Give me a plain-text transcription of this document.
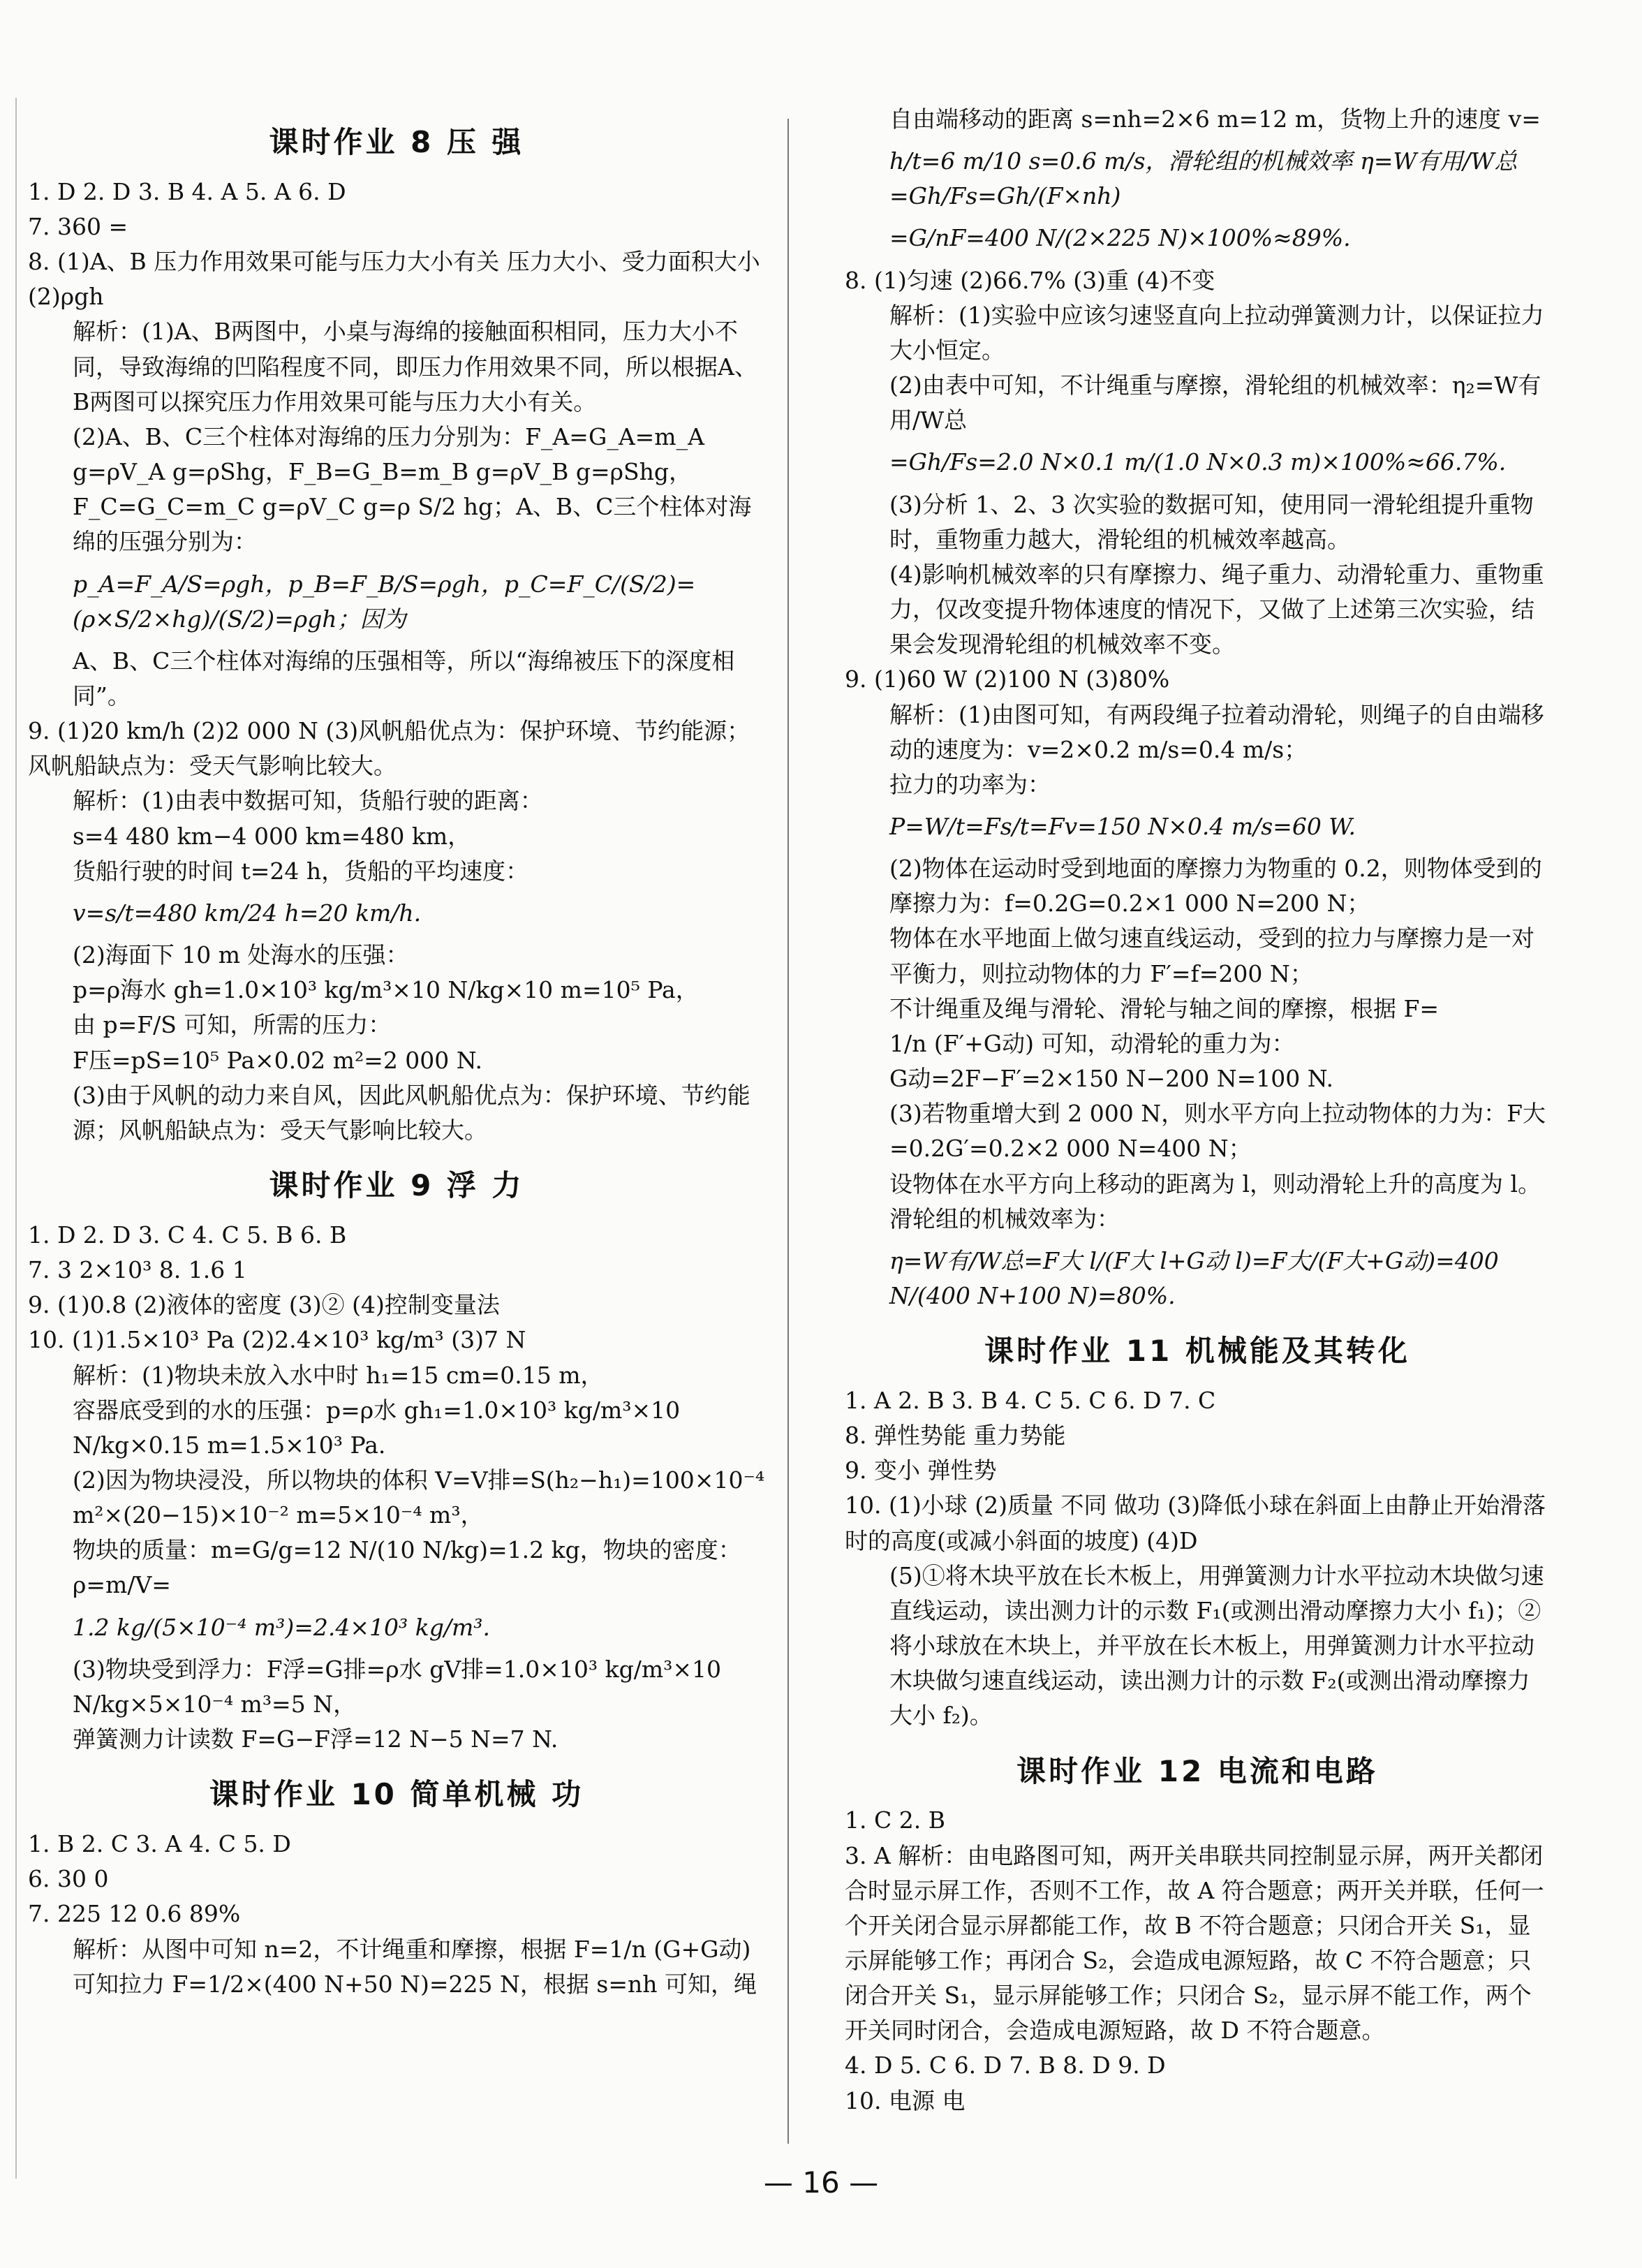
课时作业 8 压 强

1. D 2. D 3. B 4. A 5. A 6. D

7. 360 =

8. (1)A、B 压力作用效果可能与压力大小有关 压力大小、受力面积大小 (2)ρgh

解析：(1)A、B两图中，小桌与海绵的接触面积相同，压力大小不同，导致海绵的凹陷程度不同，即压力作用效果不同，所以根据A、B两图可以探究压力作用效果可能与压力大小有关。

(2)A、B、C三个柱体对海绵的压力分别为：F_A=G_A=m_A g=ρV_A g=ρShg，F_B=G_B=m_B g=ρV_B g=ρShg，F_C=G_C=m_C g=ρV_C g=ρ S/2 hg；A、B、C三个柱体对海绵的压强分别为：

p_A=F_A/S=ρgh，p_B=F_B/S=ρgh，p_C=F_C/(S/2)=(ρ×S/2×hg)/(S/2)=ρgh；因为

A、B、C三个柱体对海绵的压强相等，所以“海绵被压下的深度相同”。

9. (1)20 km/h (2)2 000 N (3)风帆船优点为：保护环境、节约能源；风帆船缺点为：受天气影响比较大。

解析：(1)由表中数据可知，货船行驶的距离：

s=4 480 km−4 000 km=480 km，

货船行驶的时间 t=24 h，货船的平均速度：

v=s/t=480 km/24 h=20 km/h.

(2)海面下 10 m 处海水的压强：

p=ρ海水 gh=1.0×10³ kg/m³×10 N/kg×10 m=10⁵ Pa，

由 p=F/S 可知，所需的压力：

F压=pS=10⁵ Pa×0.02 m²=2 000 N.

(3)由于风帆的动力来自风，因此风帆船优点为：保护环境、节约能源；风帆船缺点为：受天气影响比较大。

课时作业 9 浮 力

1. D 2. D 3. C 4. C 5. B 6. B

7. 3 2×10³ 8. 1.6 1

9. (1)0.8 (2)液体的密度 (3)② (4)控制变量法

10. (1)1.5×10³ Pa (2)2.4×10³ kg/m³ (3)7 N

解析：(1)物块未放入水中时 h₁=15 cm=0.15 m，

容器底受到的水的压强：p=ρ水 gh₁=1.0×10³ kg/m³×10 N/kg×0.15 m=1.5×10³ Pa.

(2)因为物块浸没，所以物块的体积 V=V排=S(h₂−h₁)=100×10⁻⁴ m²×(20−15)×10⁻² m=5×10⁻⁴ m³，

物块的质量：m=G/g=12 N/(10 N/kg)=1.2 kg，物块的密度：ρ=m/V=

1.2 kg/(5×10⁻⁴ m³)=2.4×10³ kg/m³.

(3)物块受到浮力：F浮=G排=ρ水 gV排=1.0×10³ kg/m³×10 N/kg×5×10⁻⁴ m³=5 N，

弹簧测力计读数 F=G−F浮=12 N−5 N=7 N.

课时作业 10 简单机械 功

1. B 2. C 3. A 4. C 5. D

6. 30 0

7. 225 12 0.6 89%

解析：从图中可知 n=2，不计绳重和摩擦，根据 F=1/n (G+G动)

可知拉力 F=1/2×(400 N+50 N)=225 N，根据 s=nh 可知，绳

自由端移动的距离 s=nh=2×6 m=12 m，货物上升的速度 v=

h/t=6 m/10 s=0.6 m/s，滑轮组的机械效率 η=W有用/W总=Gh/Fs=Gh/(F×nh)

=G/nF=400 N/(2×225 N)×100%≈89%.

8. (1)匀速 (2)66.7% (3)重 (4)不变

解析：(1)实验中应该匀速竖直向上拉动弹簧测力计，以保证拉力大小恒定。

(2)由表中可知，不计绳重与摩擦，滑轮组的机械效率：η₂=W有用/W总

=Gh/Fs=2.0 N×0.1 m/(1.0 N×0.3 m)×100%≈66.7%.

(3)分析 1、2、3 次实验的数据可知，使用同一滑轮组提升重物时，重物重力越大，滑轮组的机械效率越高。

(4)影响机械效率的只有摩擦力、绳子重力、动滑轮重力、重物重力，仅改变提升物体速度的情况下，又做了上述第三次实验，结果会发现滑轮组的机械效率不变。

9. (1)60 W (2)100 N (3)80%

解析：(1)由图可知，有两段绳子拉着动滑轮，则绳子的自由端移动的速度为：v=2×0.2 m/s=0.4 m/s；

拉力的功率为：

P=W/t=Fs/t=Fv=150 N×0.4 m/s=60 W.

(2)物体在运动时受到地面的摩擦力为物重的 0.2，则物体受到的摩擦力为：f=0.2G=0.2×1 000 N=200 N；

物体在水平地面上做匀速直线运动，受到的拉力与摩擦力是一对平衡力，则拉动物体的力 F′=f=200 N；

不计绳重及绳与滑轮、滑轮与轴之间的摩擦，根据 F=

1/n (F′+G动) 可知，动滑轮的重力为：

G动=2F−F′=2×150 N−200 N=100 N.

(3)若物重增大到 2 000 N，则水平方向上拉动物体的力为：F大=0.2G′=0.2×2 000 N=400 N；

设物体在水平方向上移动的距离为 l，则动滑轮上升的高度为 l。滑轮组的机械效率为：

η=W有/W总=F大 l/(F大 l+G动 l)=F大/(F大+G动)=400 N/(400 N+100 N)=80%.

课时作业 11 机械能及其转化

1. A 2. B 3. B 4. C 5. C 6. D 7. C

8. 弹性势能 重力势能

9. 变小 弹性势

10. (1)小球 (2)质量 不同 做功 (3)降低小球在斜面上由静止开始滑落时的高度(或减小斜面的坡度) (4)D

(5)①将木块平放在长木板上，用弹簧测力计水平拉动木块做匀速直线运动，读出测力计的示数 F₁(或测出滑动摩擦力大小 f₁)；②将小球放在木块上，并平放在长木板上，用弹簧测力计水平拉动木块做匀速直线运动，读出测力计的示数 F₂(或测出滑动摩擦力大小 f₂)。

课时作业 12 电流和电路

1. C 2. B

3. A 解析：由电路图可知，两开关串联共同控制显示屏，两开关都闭合时显示屏工作，否则不工作，故 A 符合题意；两开关并联，任何一个开关闭合显示屏都能工作，故 B 不符合题意；只闭合开关 S₁，显示屏能够工作；再闭合 S₂，会造成电源短路，故 C 不符合题意；只闭合开关 S₁，显示屏能够工作；只闭合 S₂，显示屏不能工作，两个开关同时闭合，会造成电源短路，故 D 不符合题意。

4. D 5. C 6. D 7. B 8. D 9. D

10. 电源 电

— 16 —
